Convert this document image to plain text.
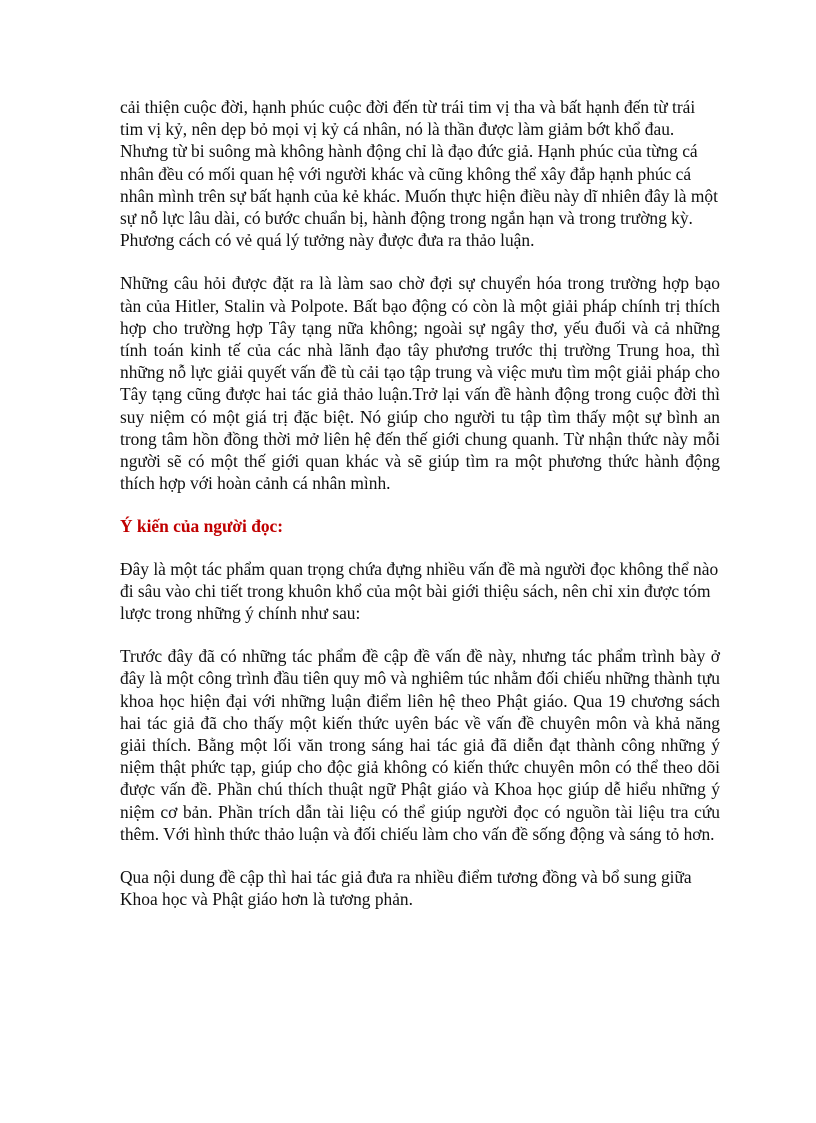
cải thiện cuộc đời, hạnh phúc cuộc đời đến từ trái tim vị tha và bất hạnh đến từ trái tim vị kỷ, nên dẹp bỏ mọi vị kỷ cá nhân, nó là thần được làm giảm bớt khổ đau. Nhưng từ bi suông mà không hành động chỉ là đạo đức giả. Hạnh phúc của từng cá nhân đều có mối quan hệ với người khác và cũng không thể xây đắp hạnh phúc cá nhân mình trên sự bất hạnh của kẻ khác. Muốn thực hiện điều này dĩ nhiên đây là một sự nỗ lực lâu dài, có bước chuẩn bị, hành động trong ngắn hạn và trong trường kỳ. Phương cách có vẻ quá lý tưởng này được đưa ra thảo luận.

Những câu hỏi được đặt ra là làm sao chờ đợi sự chuyển hóa trong trường hợp bạo tàn của Hitler, Stalin và Polpote. Bất bạo động có còn là một giải pháp chính trị thích hợp cho trường hợp Tây tạng nữa không; ngoài sự ngây thơ, yếu đuối và cả những tính toán kinh tế của các nhà lãnh đạo tây phương trước thị trường Trung hoa, thì những nỗ lực giải quyết vấn đề tù cải tạo tập trung và việc mưu tìm một giải pháp cho Tây tạng cũng được hai tác giả thảo luận.Trở lại vấn đề hành động trong cuộc đời thì suy niệm có một giá trị đặc biệt. Nó giúp cho người tu tập tìm thấy một sự bình an trong tâm hồn đồng thời mở liên hệ đến thế giới chung quanh. Từ nhận thức này mỗi người sẽ có một thế giới quan khác và sẽ giúp tìm ra một phương thức hành động thích hợp với hoàn cảnh cá nhân mình.

Ý kiến của người đọc:

Đây là một tác phẩm quan trọng chứa đựng nhiều vấn đề mà người đọc không thể nào đi sâu vào chi tiết trong khuôn khổ của một bài giới thiệu sách, nên chỉ xin được tóm lược trong những ý chính như sau:

Trước đây đã có những tác phẩm đề cập đề vấn đề này, nhưng tác phẩm trình bày ở đây là một công trình đầu tiên quy mô và nghiêm túc nhằm đối chiếu những thành tựu khoa học hiện đại với những luận điểm liên hệ theo Phật giáo. Qua 19 chương sách hai tác giả đã cho thấy một kiến thức uyên bác về vấn đề chuyên môn và khả năng giải thích. Bằng một lối văn trong sáng hai tác giả đã diễn đạt thành công những ý niệm thật phức tạp, giúp cho độc giả không có kiến thức chuyên môn có thể theo dõi được vấn đề. Phần chú thích thuật ngữ Phật giáo và Khoa học giúp dễ hiểu những ý niệm cơ bản. Phần trích dẫn tài liệu có thể giúp người đọc có nguồn tài liệu tra cứu thêm. Với hình thức thảo luận và đối chiếu làm cho vấn đề sống động và sáng tỏ hơn.

Qua nội dung đề cập thì hai tác giả đưa ra nhiều điểm tương đồng và bổ sung giữa Khoa học và Phật giáo hơn là tương phản.
